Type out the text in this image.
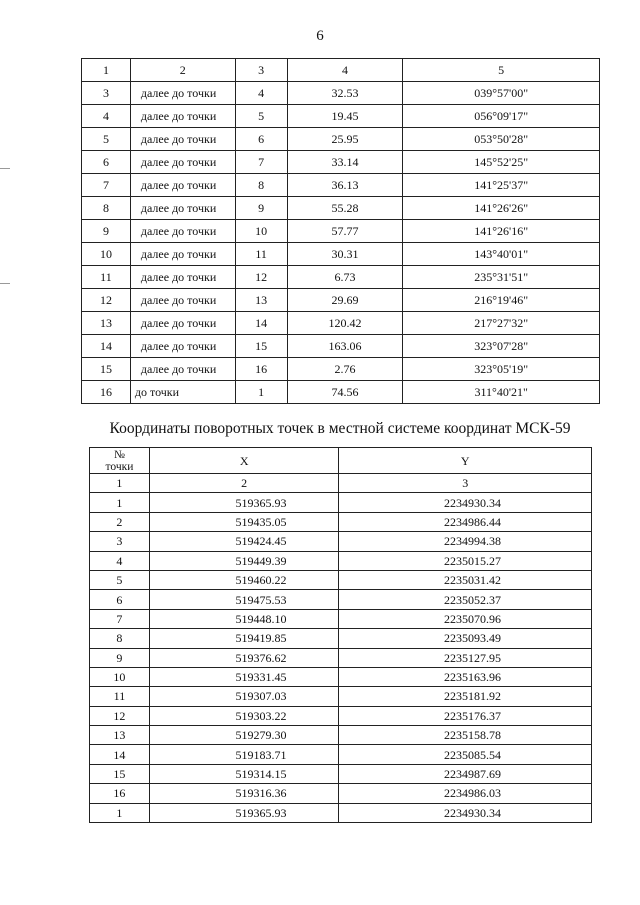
6
1	2	3	4	5
3	далее до точки	4	32.53	039°57'00"
4	далее до точки	5	19.45	056°09'17"
5	далее до точки	6	25.95	053°50'28"
6	далее до точки	7	33.14	145°52'25"
7	далее до точки	8	36.13	141°25'37"
8	далее до точки	9	55.28	141°26'26"
9	далее до точки	10	57.77	141°26'16"
10	далее до точки	11	30.31	143°40'01"
11	далее до точки	12	6.73	235°31'51"
12	далее до точки	13	29.69	216°19'46"
13	далее до точки	14	120.42	217°27'32"
14	далее до точки	15	163.06	323°07'28"
15	далее до точки	16	2.76	323°05'19"
16	до точки	1	74.56	311°40'21"
Координаты поворотных точек в местной системе координат МСК-59
№
точки	X	Y
1	2	3
1	519365.93	2234930.34
2	519435.05	2234986.44
3	519424.45	2234994.38
4	519449.39	2235015.27
5	519460.22	2235031.42
6	519475.53	2235052.37
7	519448.10	2235070.96
8	519419.85	2235093.49
9	519376.62	2235127.95
10	519331.45	2235163.96
11	519307.03	2235181.92
12	519303.22	2235176.37
13	519279.30	2235158.78
14	519183.71	2235085.54
15	519314.15	2234987.69
16	519316.36	2234986.03
1	519365.93	2234930.34
